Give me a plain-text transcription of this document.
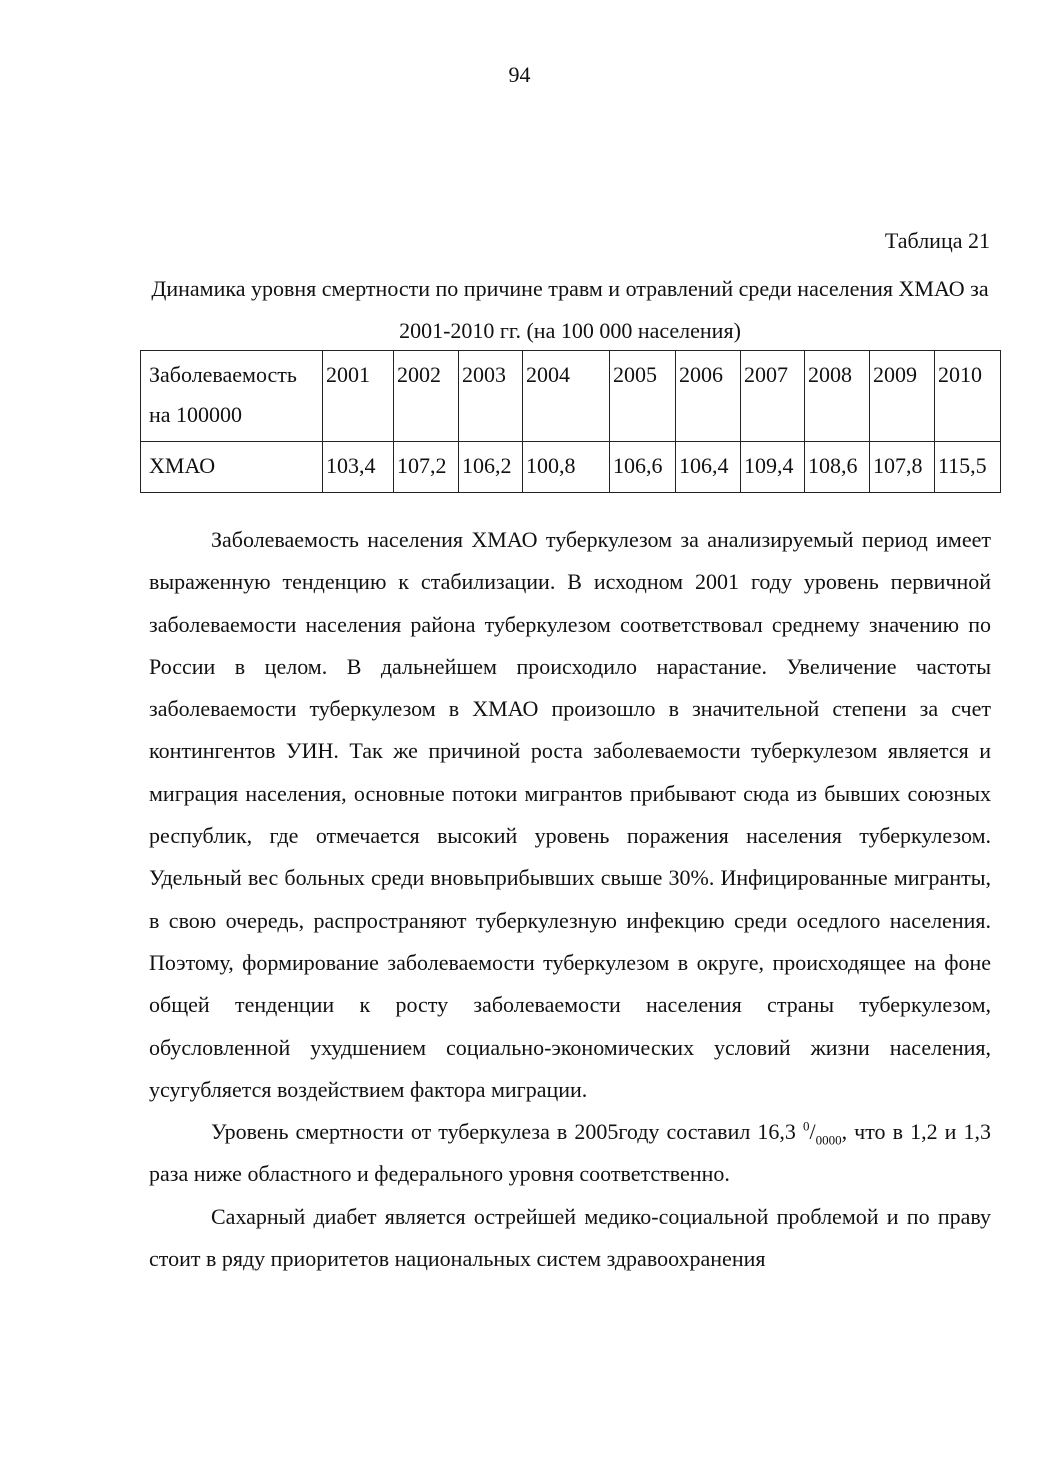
94
Таблица 21
Динамика уровня смертности по причине травм и отравлений среди населения ХМАО за 2001-2010 гг. (на 100 000 населения)
Заболеваемость
на 100000	2001	2002	2003	2004	2005	2006	2007	2008	2009	2010
ХМАО	103,4	107,2	106,2	100,8	106,6	106,4	109,4	108,6	107,8	115,5

Заболеваемость населения ХМАО туберкулезом за анализируемый период имеет выраженную тенденцию к стабилизации. В исходном 2001 году уровень первичной заболеваемости населения района туберкулезом соответствовал среднему значению по России в целом. В дальнейшем происходило нарастание. Увеличение частоты заболеваемости туберкулезом в ХМАО произошло в значительной степени за счет контингентов УИН. Так же причиной роста заболеваемости туберкулезом является и миграция населения, основные потоки мигрантов прибывают сюда из бывших союзных республик, где отмечается высокий уровень поражения населения туберкулезом. Удельный вес больных среди вновьприбывших свыше 30%. Инфицированные мигранты, в свою очередь, распространяют туберкулезную инфекцию среди оседлого населения. Поэтому, формирование заболеваемости туберкулезом в округе, происходящее на фоне общей тенденции к росту заболеваемости населения страны туберкулезом, обусловленной ухудшением социально-экономических условий жизни населения, усугубляется воздействием фактора миграции.

Уровень смертности от туберкулеза в 2005году составил 16,3 $^0/_{0000}$, что в 1,2 и 1,3 раза ниже областного и федерального уровня соответственно.

Сахарный диабет является острейшей медико-социальной проблемой и по праву стоит в ряду приоритетов национальных систем здравоохранения
